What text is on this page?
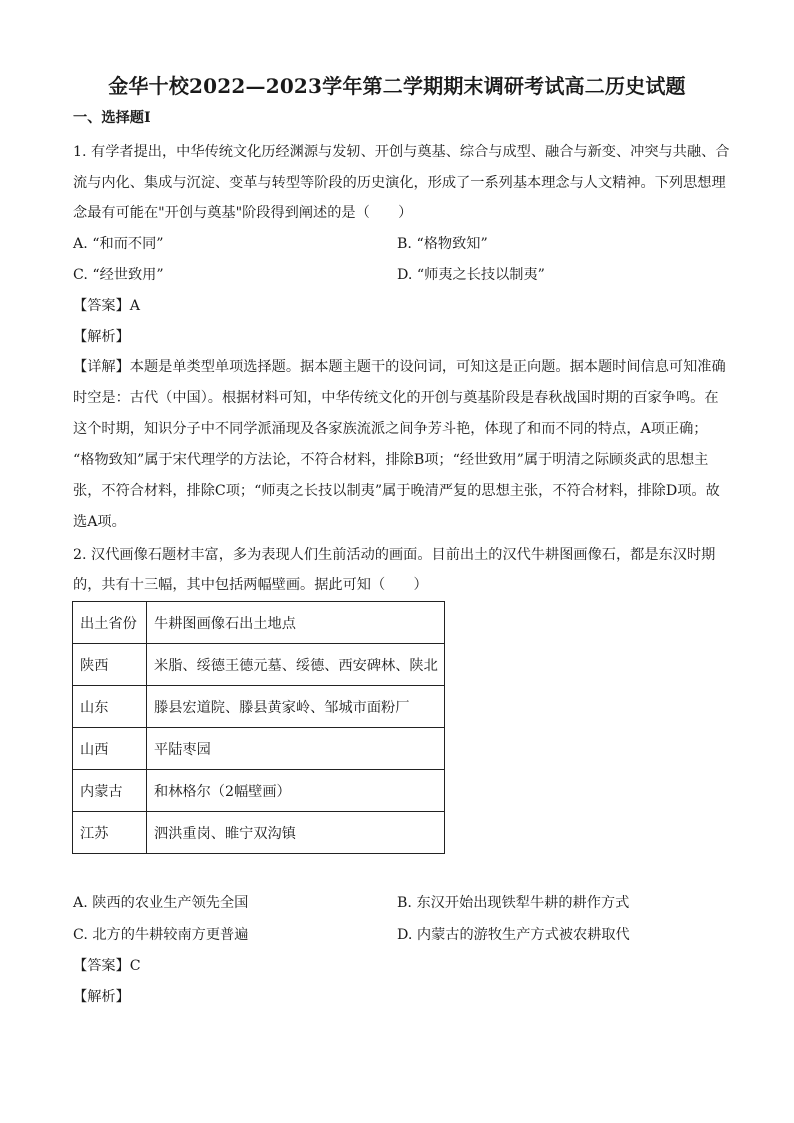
金华十校2022—2023学年第二学期期末调研考试高二历史试题
一、选择题Ⅰ
1. 有学者提出，中华传统文化历经渊源与发轫、开创与奠基、综合与成型、融合与新变、冲突与共融、合
流与内化、集成与沉淀、变革与转型等阶段的历史演化，形成了一系列基本理念与人文精神。下列思想理
念最有可能在"开创与奠基"阶段得到阐述的是（　　）
A. “和而不同”	B. “格物致知”
C. “经世致用”	D. “师夷之长技以制夷”
【答案】A
【解析】
【详解】本题是单类型单项选择题。据本题主题干的设问词，可知这是正向题。据本题时间信息可知准确
时空是：古代（中国）。根据材料可知，中华传统文化的开创与奠基阶段是春秋战国时期的百家争鸣。在
这个时期，知识分子中不同学派涌现及各家族流派之间争芳斗艳，体现了和而不同的特点，A项正确；
“格物致知”属于宋代理学的方法论，不符合材料，排除B项；“经世致用”属于明清之际顾炎武的思想主
张，不符合材料，排除C项；“师夷之长技以制夷”属于晚清严复的思想主张，不符合材料，排除D项。故
选A项。
2. 汉代画像石题材丰富，多为表现人们生前活动的画面。目前出土的汉代牛耕图画像石，都是东汉时期
的，共有十三幅，其中包括两幅壁画。据此可知（　　）
出土省份	牛耕图画像石出土地点
陕西	米脂、绥德王德元墓、绥德、西安碑林、陕北
山东	滕县宏道院、滕县黄家岭、邹城市面粉厂
山西	平陆枣园
内蒙古	和林格尔（2幅壁画）
江苏	泗洪重岗、睢宁双沟镇
A. 陕西的农业生产领先全国	B. 东汉开始出现铁犁牛耕的耕作方式
C. 北方的牛耕较南方更普遍	D. 内蒙古的游牧生产方式被农耕取代
【答案】C
【解析】
